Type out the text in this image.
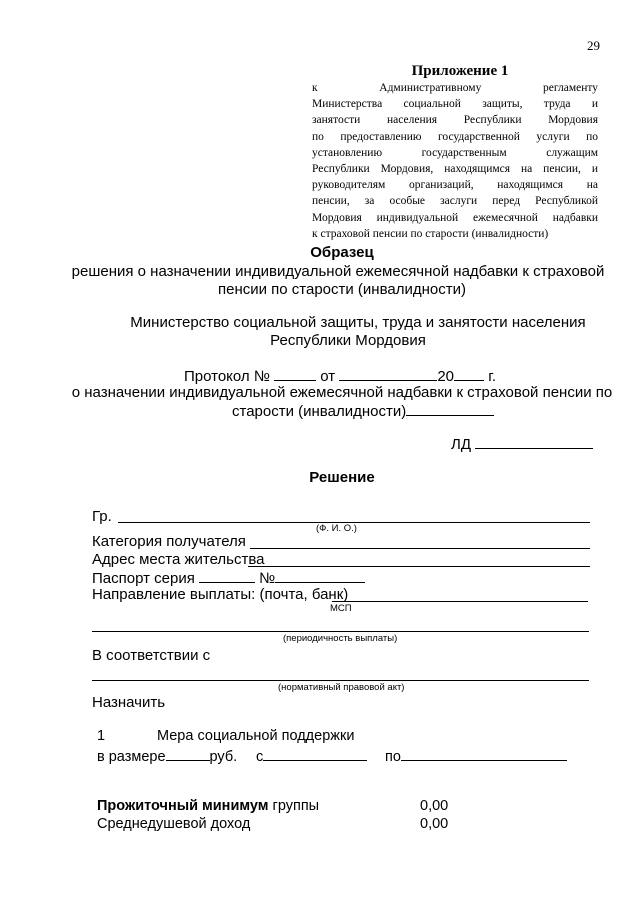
29
Приложение 1
к Административному регламенту
Министерства социальной защиты, труда и
занятости населения Республики Мордовия
по предоставлению государственной услуги по
установлению государственным служащим
Республики Мордовия, находящимся на пенсии, и
руководителям организаций, находящимся на
пенсии, за особые заслуги перед Республикой
Мордовия индивидуальной ежемесячной надбавки
к страховой пенсии по старости (инвалидности)
Образец
решения о назначении индивидуальной ежемесячной надбавки к страховой
пенсии по старости (инвалидности)
Министерство социальной защиты, труда и занятости населения
Республики Мордовия
Протокол №	от	20 г.
о назначении индивидуальной ежемесячной надбавки к страховой пенсии по
старости (инвалидности)
ЛД
Решение
Гр.
(Ф. И. О.)
Категория получателя
Адрес места жительства
Паспорт серия	№
Направление выплаты: (почта, банк)
МСП
(периодичность выплаты)
В соответствии с
(нормативный правовой акт)
Назначить
1	Мера социальной поддержки
в размере	руб. с	по
Прожиточный минимум группы	0,00
Среднедушевой доход	0,00
